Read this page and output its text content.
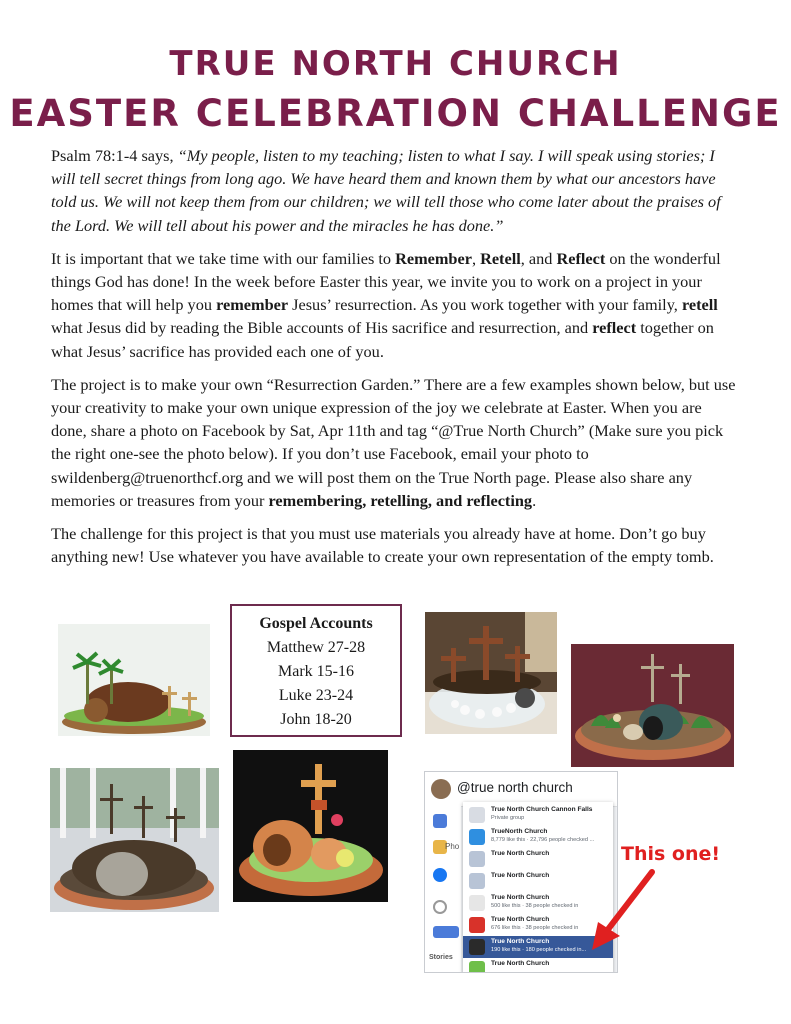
TRUE NORTH CHURCH
EASTER CELEBRATION CHALLENGE

Psalm 78:1-4 says, “My people, listen to my teaching; listen to what I say. I will speak using stories; I will tell secret things from long ago. We have heard them and known them by what our ancestors have told us. We will not keep them from our children; we will tell those who come later about the praises of the Lord. We will tell about his power and the miracles he has done.”

It is important that we take time with our families to Remember, Retell, and Reflect on the wonderful things God has done! In the week before Easter this year, we invite you to work on a project in your homes that will help you remember Jesus’ resurrection. As you work together with your family, retell what Jesus did by reading the Bible accounts of His sacrifice and resurrection, and reflect together on what Jesus’ sacrifice has provided each one of you.

The project is to make your own “Resurrection Garden.” There are a few examples shown below, but use your creativity to make your own unique expression of the joy we celebrate at Easter. When you are done, share a photo on Facebook by Sat, Apr 11th and tag “@True North Church” (Make sure you pick the right one-see the photo below). If you don’t use Facebook, email your photo to swildenberg@truenorthcf.org and we will post them on the True North page. Please also share any memories or treasures from your remembering, retelling, and reflecting.

The challenge for this project is that you must use materials you already have at home. Don’t go buy anything new! Use whatever you have available to create your own representation of the empty tomb.

Gospel Accounts
Matthew 27-28
Mark 15-16
Luke 23-24
John 18-20
@true north church
Pho
Stories
True North Church Cannon Falls
Private group
TrueNorth Church
8,779 like this · 22,796 people checked ...
True North Church
True North Church
True North Church
500 like this · 38 people checked in
True North Church
676 like this · 38 people checked in
True North Church
190 like this · 180 people checked in...
True North Church
This one!
